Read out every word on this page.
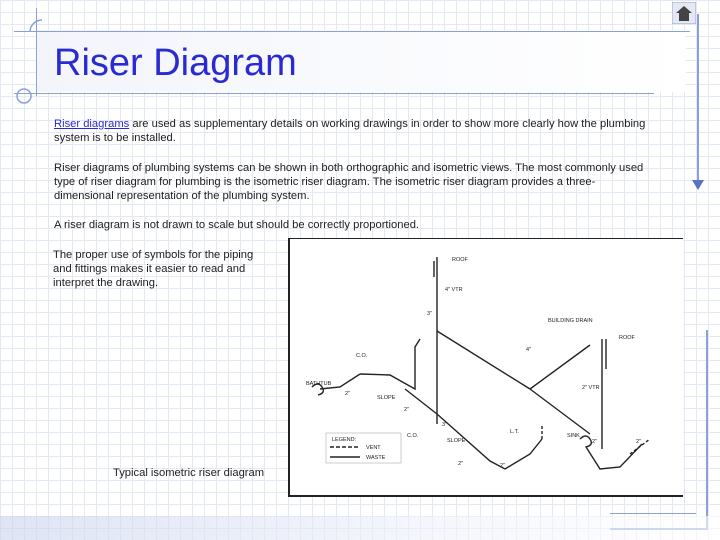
Riser Diagram
Riser diagrams are used as supplementary details on working drawings in order to show more clearly how the plumbing system is to be installed.
Riser diagrams of plumbing systems can be shown in both orthographic and isometric views. The most commonly used type of riser diagram for plumbing is the isometric riser diagram. The isometric riser diagram provides a three-dimensional representation of the plumbing system.
A riser diagram is not drawn to scale but should be correctly proportioned.
The proper use of symbols for the piping and fittings makes it easier to read and interpret the drawing.
ROOF
4" VTR
3"
BUILDING DRAIN
4"
ROOF
C.O.
2" VTR
BATHTUB
2"
SLOPE
2"
3"
LEGEND:
VENT
WASTE
C.O.
SLOPE
L.T.
SINK
2"
2"
2"	2"
Typical isometric riser diagram
